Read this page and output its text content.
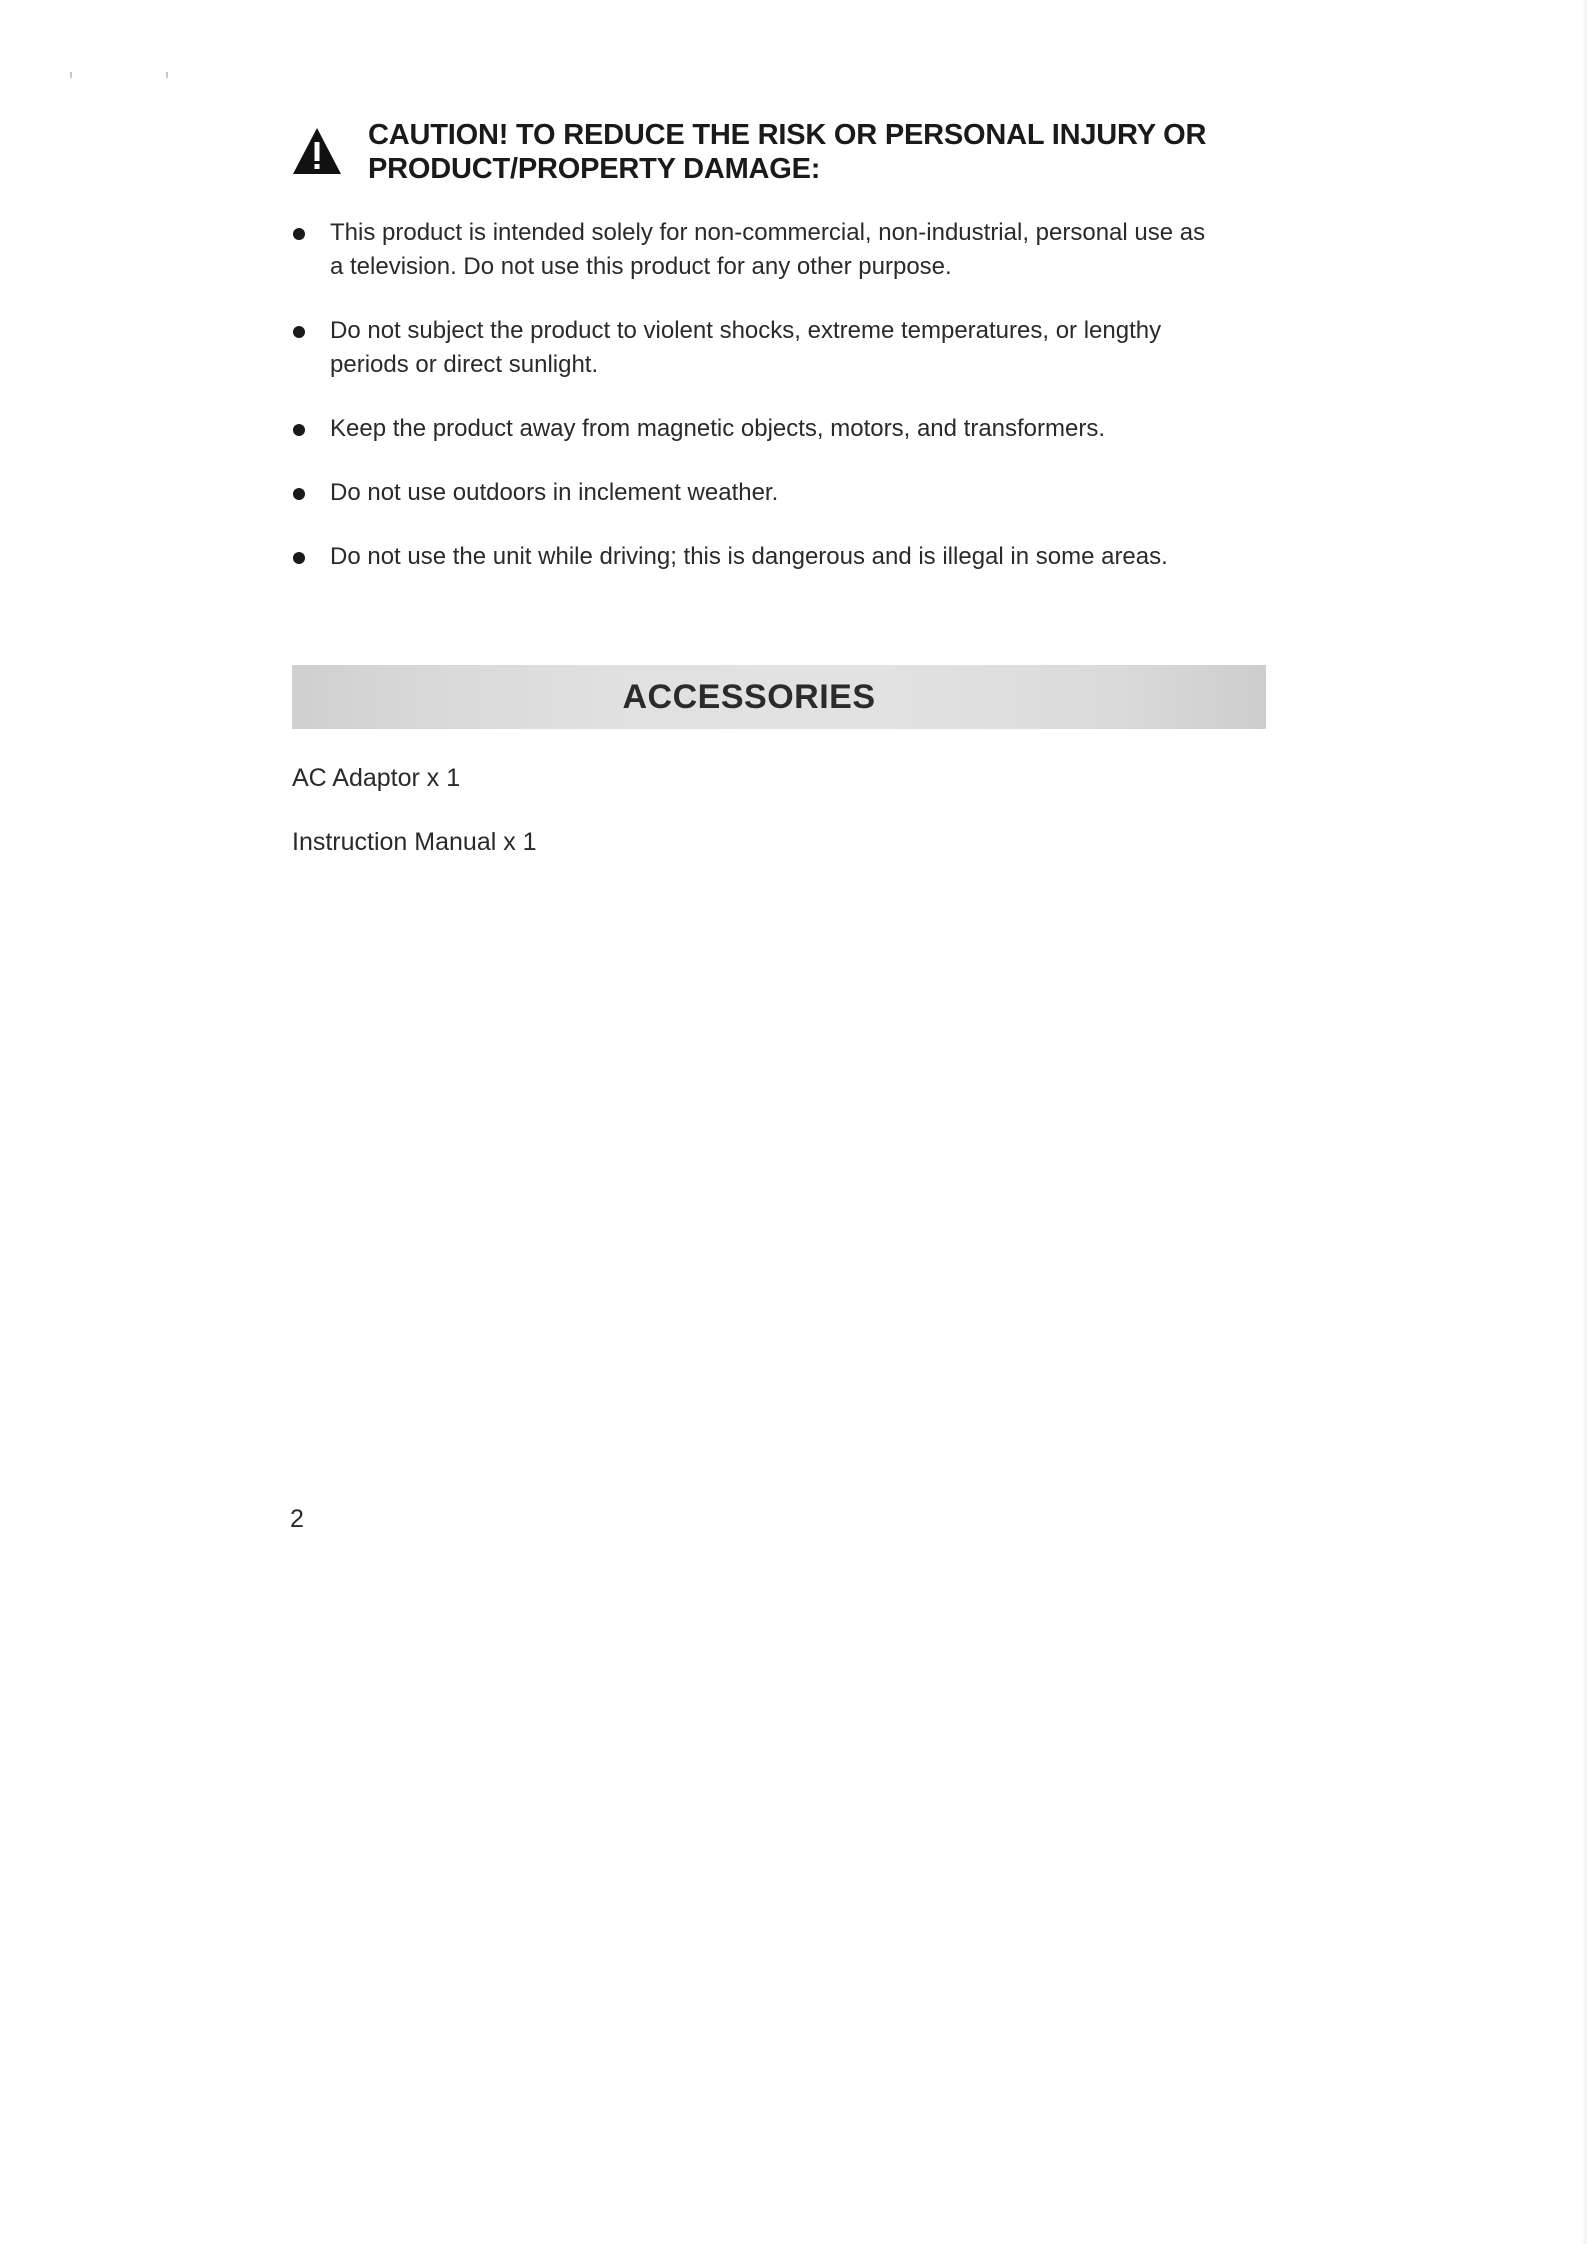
CAUTION! TO REDUCE THE RISK OR PERSONAL INJURY OR
PRODUCT/PROPERTY DAMAGE:
This product is intended solely for non-commercial, non-industrial, personal use as
a television. Do not use this product for any other purpose.
Do not subject the product to violent shocks, extreme temperatures, or lengthy
periods or direct sunlight.
Keep the product away from magnetic objects, motors, and transformers.
Do not use outdoors in inclement weather.
Do not use the unit while driving; this is dangerous and is illegal in some areas.
ACCESSORIES
AC Adaptor x 1
Instruction Manual x 1
2
